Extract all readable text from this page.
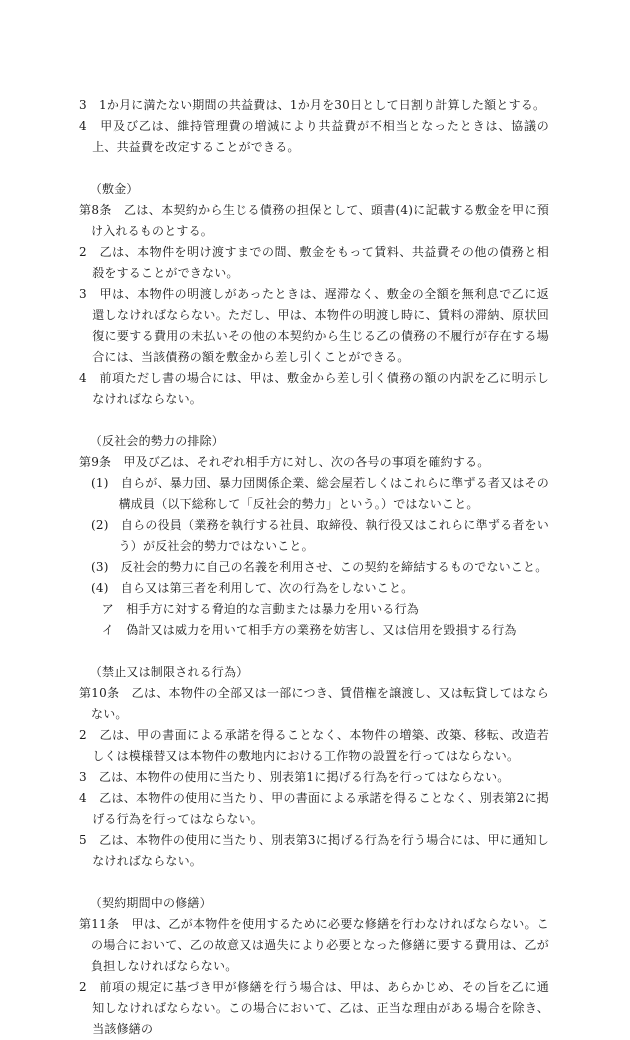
3　1か月に満たない期間の共益費は、1か月を30日として日割り計算した額とする。

4　甲及び乙は、維持管理費の増減により共益費が不相当となったときは、協議の上、共益費を改定することができる。

（敷金）

第8条　乙は、本契約から生じる債務の担保として、頭書(4)に記載する敷金を甲に預け入れるものとする。

2　乙は、本物件を明け渡すまでの間、敷金をもって賃料、共益費その他の債務と相殺をすることができない。

3　甲は、本物件の明渡しがあったときは、遅滞なく、敷金の全額を無利息で乙に返還しなければならない。ただし、甲は、本物件の明渡し時に、賃料の滞納、原状回復に要する費用の未払いその他の本契約から生じる乙の債務の不履行が存在する場合には、当該債務の額を敷金から差し引くことができる。

4　前項ただし書の場合には、甲は、敷金から差し引く債務の額の内訳を乙に明示しなければならない。

（反社会的勢力の排除）

第9条　甲及び乙は、それぞれ相手方に対し、次の各号の事項を確約する。

(1)　自らが、暴力団、暴力団関係企業、総会屋若しくはこれらに準ずる者又はその構成員（以下総称して「反社会的勢力」という。）ではないこと。

(2)　自らの役員（業務を執行する社員、取締役、執行役又はこれらに準ずる者をいう）が反社会的勢力ではないこと。

(3)　反社会的勢力に自己の名義を利用させ、この契約を締結するものでないこと。

(4)　自ら又は第三者を利用して、次の行為をしないこと。

ア　相手方に対する脅迫的な言動または暴力を用いる行為

イ　偽計又は威力を用いて相手方の業務を妨害し、又は信用を毀損する行為

（禁止又は制限される行為）

第10条　乙は、本物件の全部又は一部につき、賃借権を譲渡し、又は転貸してはならない。

2　乙は、甲の書面による承諾を得ることなく、本物件の増築、改築、移転、改造若しくは模様替又は本物件の敷地内における工作物の設置を行ってはならない。

3　乙は、本物件の使用に当たり、別表第1に掲げる行為を行ってはならない。

4　乙は、本物件の使用に当たり、甲の書面による承諾を得ることなく、別表第2に掲げる行為を行ってはならない。

5　乙は、本物件の使用に当たり、別表第3に掲げる行為を行う場合には、甲に通知しなければならない。

（契約期間中の修繕）

第11条　甲は、乙が本物件を使用するために必要な修繕を行わなければならない。この場合において、乙の故意又は過失により必要となった修繕に要する費用は、乙が負担しなければならない。

2　前項の規定に基づき甲が修繕を行う場合は、甲は、あらかじめ、その旨を乙に通知しなければならない。この場合において、乙は、正当な理由がある場合を除き、当該修繕の
